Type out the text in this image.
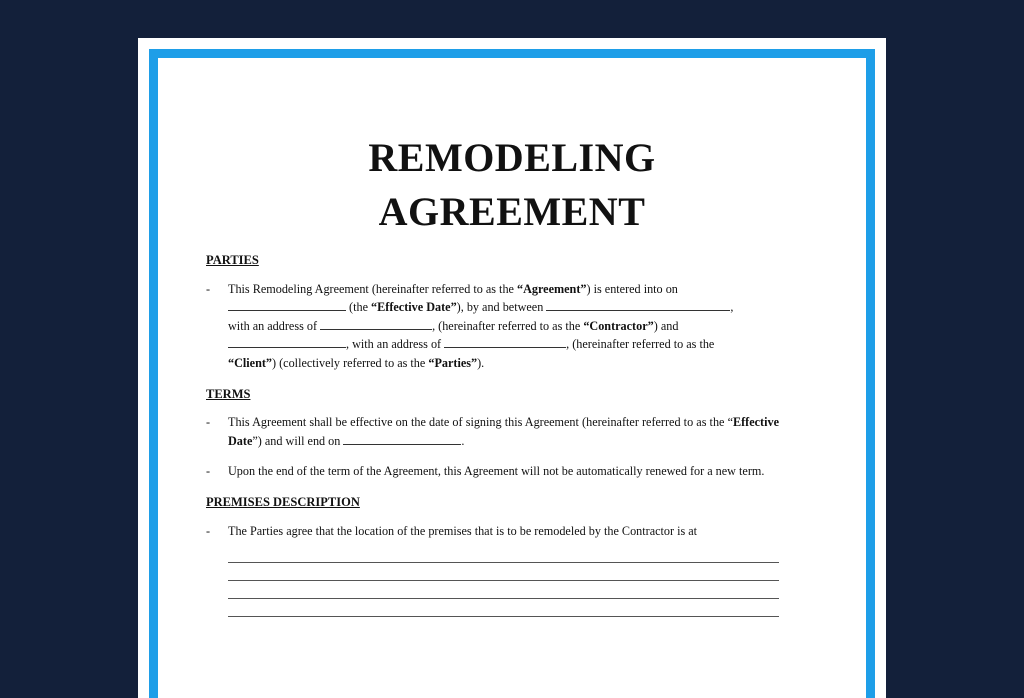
REMODELING
AGREEMENT
PARTIES
- This Remodeling Agreement (hereinafter referred to as the “Agreement”) is entered into on
(the “Effective Date”), by and between	,
with an address of	, (hereinafter referred to as the “Contractor”) and
, with an address of	, (hereinafter referred to as the
“Client”) (collectively referred to as the “Parties”).
TERMS
- This Agreement shall be effective on the date of signing this Agreement (hereinafter referred to as the “Effective Date”) and will end on	.
- Upon the end of the term of the Agreement, this Agreement will not be automatically renewed for a new term.
PREMISES DESCRIPTION
- The Parties agree that the location of the premises that is to be remodeled by the Contractor is at
